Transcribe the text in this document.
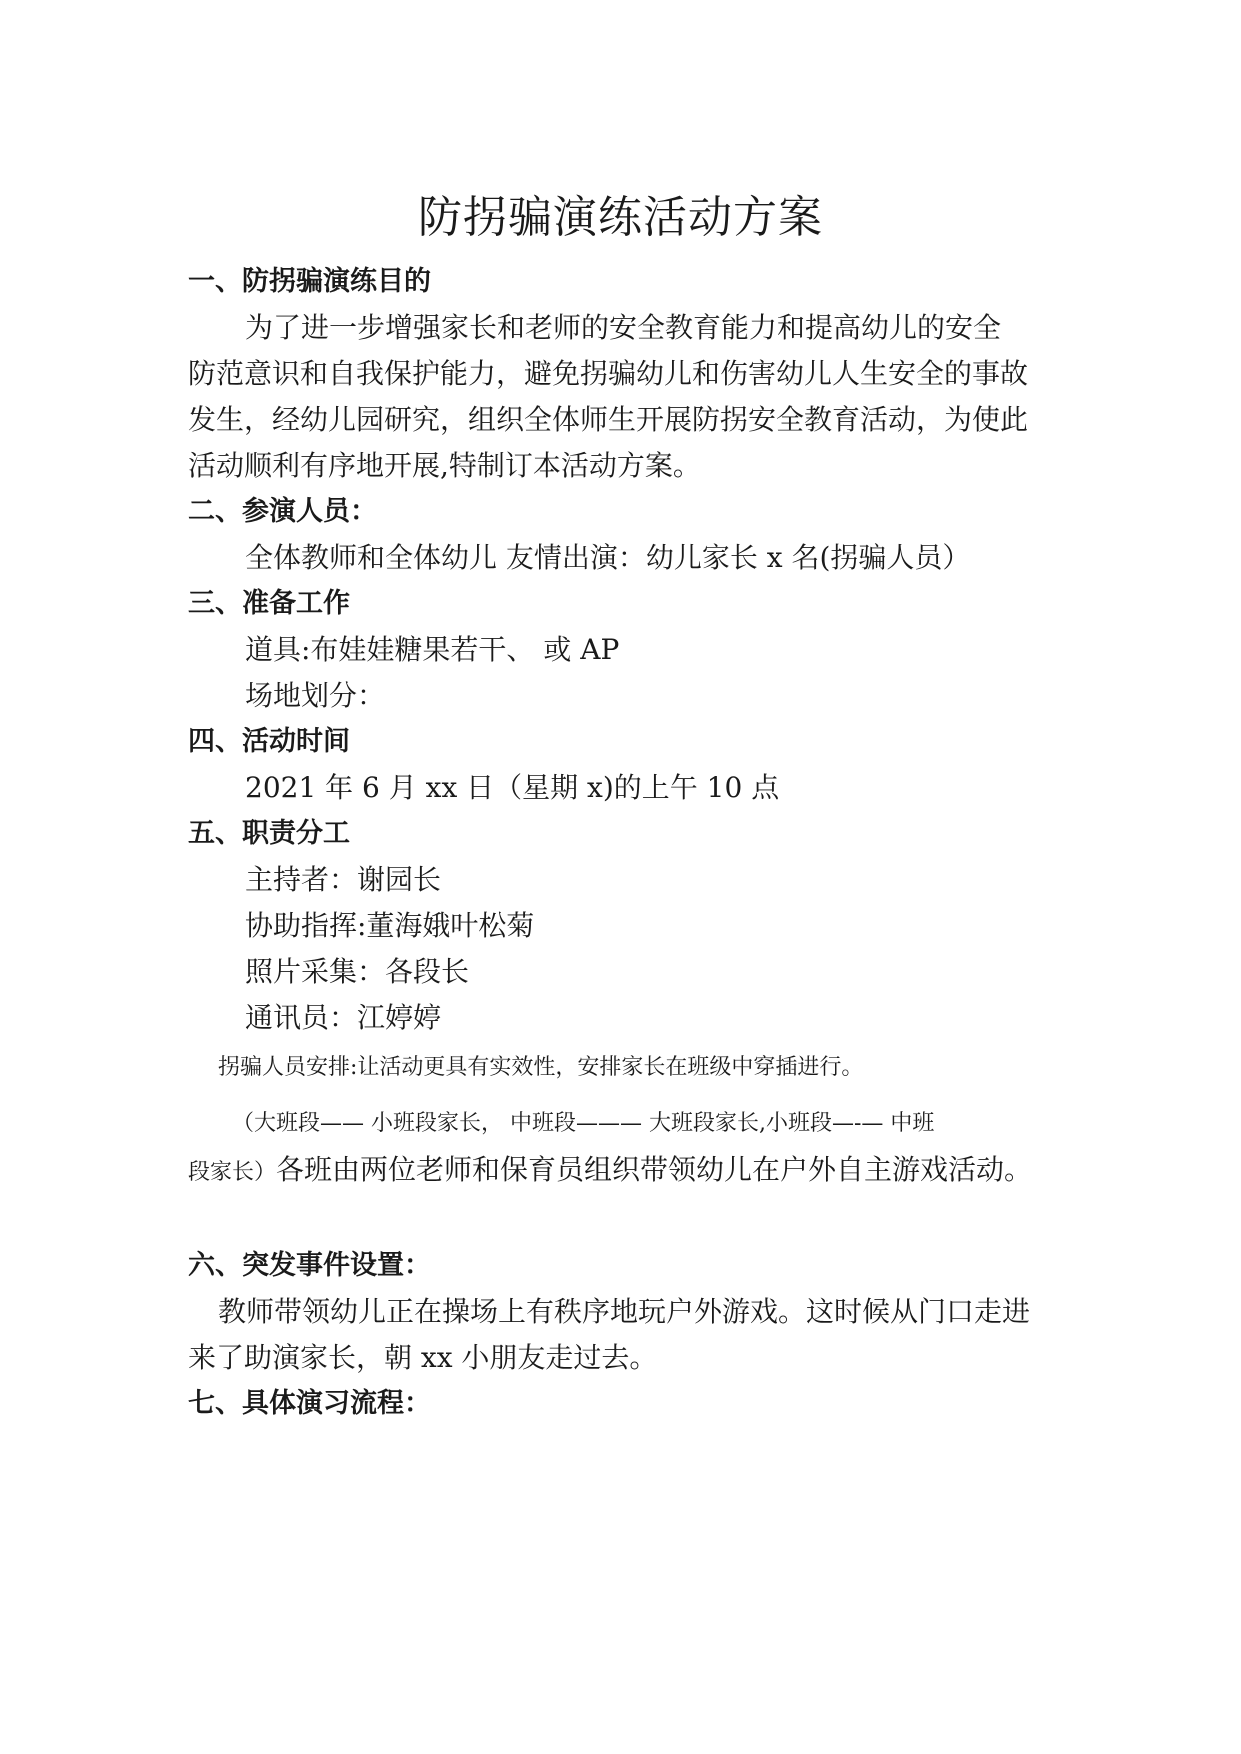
防拐骗演练活动方案
一、防拐骗演练目的
为了进一步增强家长和老师的安全教育能力和提高幼儿的安全
防范意识和自我保护能力，避免拐骗幼儿和伤害幼儿人生安全的事故
发生，经幼儿园研究，组织全体师生开展防拐安全教育活动，为使此
活动顺利有序地开展,特制订本活动方案。
二、参演人员：
全体教师和全体幼儿 友情出演：幼儿家长 x 名(拐骗人员）
三、准备工作
道具:布娃娃糖果若干、 或 AP
场地划分：
四、活动时间
2021 年 6 月 xx 日（星期 x)的上午 10 点
五、职责分工
主持者：谢园长
协助指挥:董海娥叶松菊
照片采集：各段长
通讯员：江婷婷
拐骗人员安排:让活动更具有实效性，安排家长在班级中穿插进行。
（大班段—— 小班段家长， 中班段——— 大班段家长,小班段—-— 中班
段家长）各班由两位老师和保育员组织带领幼儿在户外自主游戏活动。
六、突发事件设置：
教师带领幼儿正在操场上有秩序地玩户外游戏。这时候从门口走进
来了助演家长，朝 xx 小朋友走过去。
七、具体演习流程：
